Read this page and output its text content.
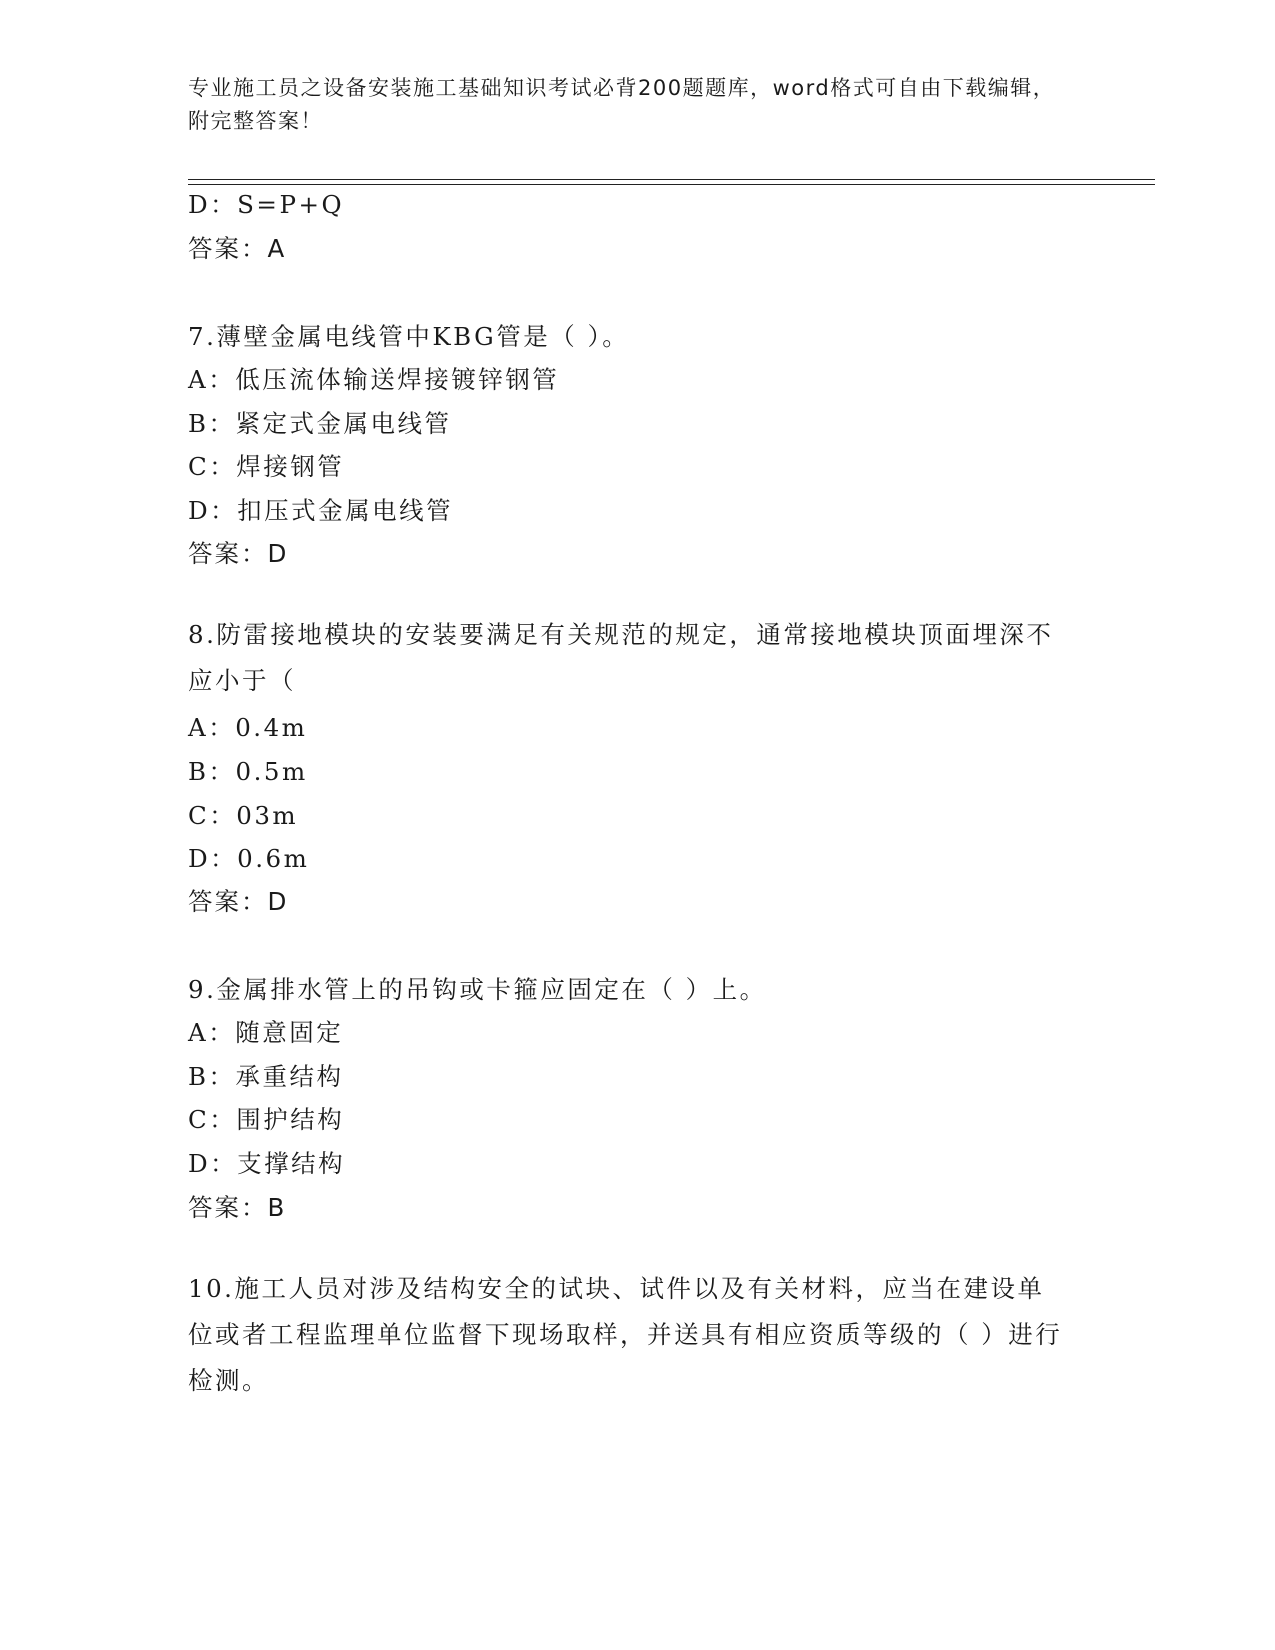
专业施工员之设备安装施工基础知识考试必背200题题库，word格式可自由下载编辑，附完整答案！
D：S=P+Q
答案：A
7.薄壁金属电线管中KBG管是（ ）。
A：低压流体输送焊接镀锌钢管
B：紧定式金属电线管
C：焊接钢管
D：扣压式金属电线管
答案：D
8.防雷接地模块的安装要满足有关规范的规定，通常接地模块顶面埋深不应小于（
A：0.4m
B：0.5m
C：03m
D：0.6m
答案：D
9.金属排水管上的吊钩或卡箍应固定在（ ）上。
A：随意固定
B：承重结构
C：围护结构
D：支撑结构
答案：B
10.施工人员对涉及结构安全的试块、试件以及有关材料，应当在建设单位或者工程监理单位监督下现场取样，并送具有相应资质等级的（ ）进行检测。
